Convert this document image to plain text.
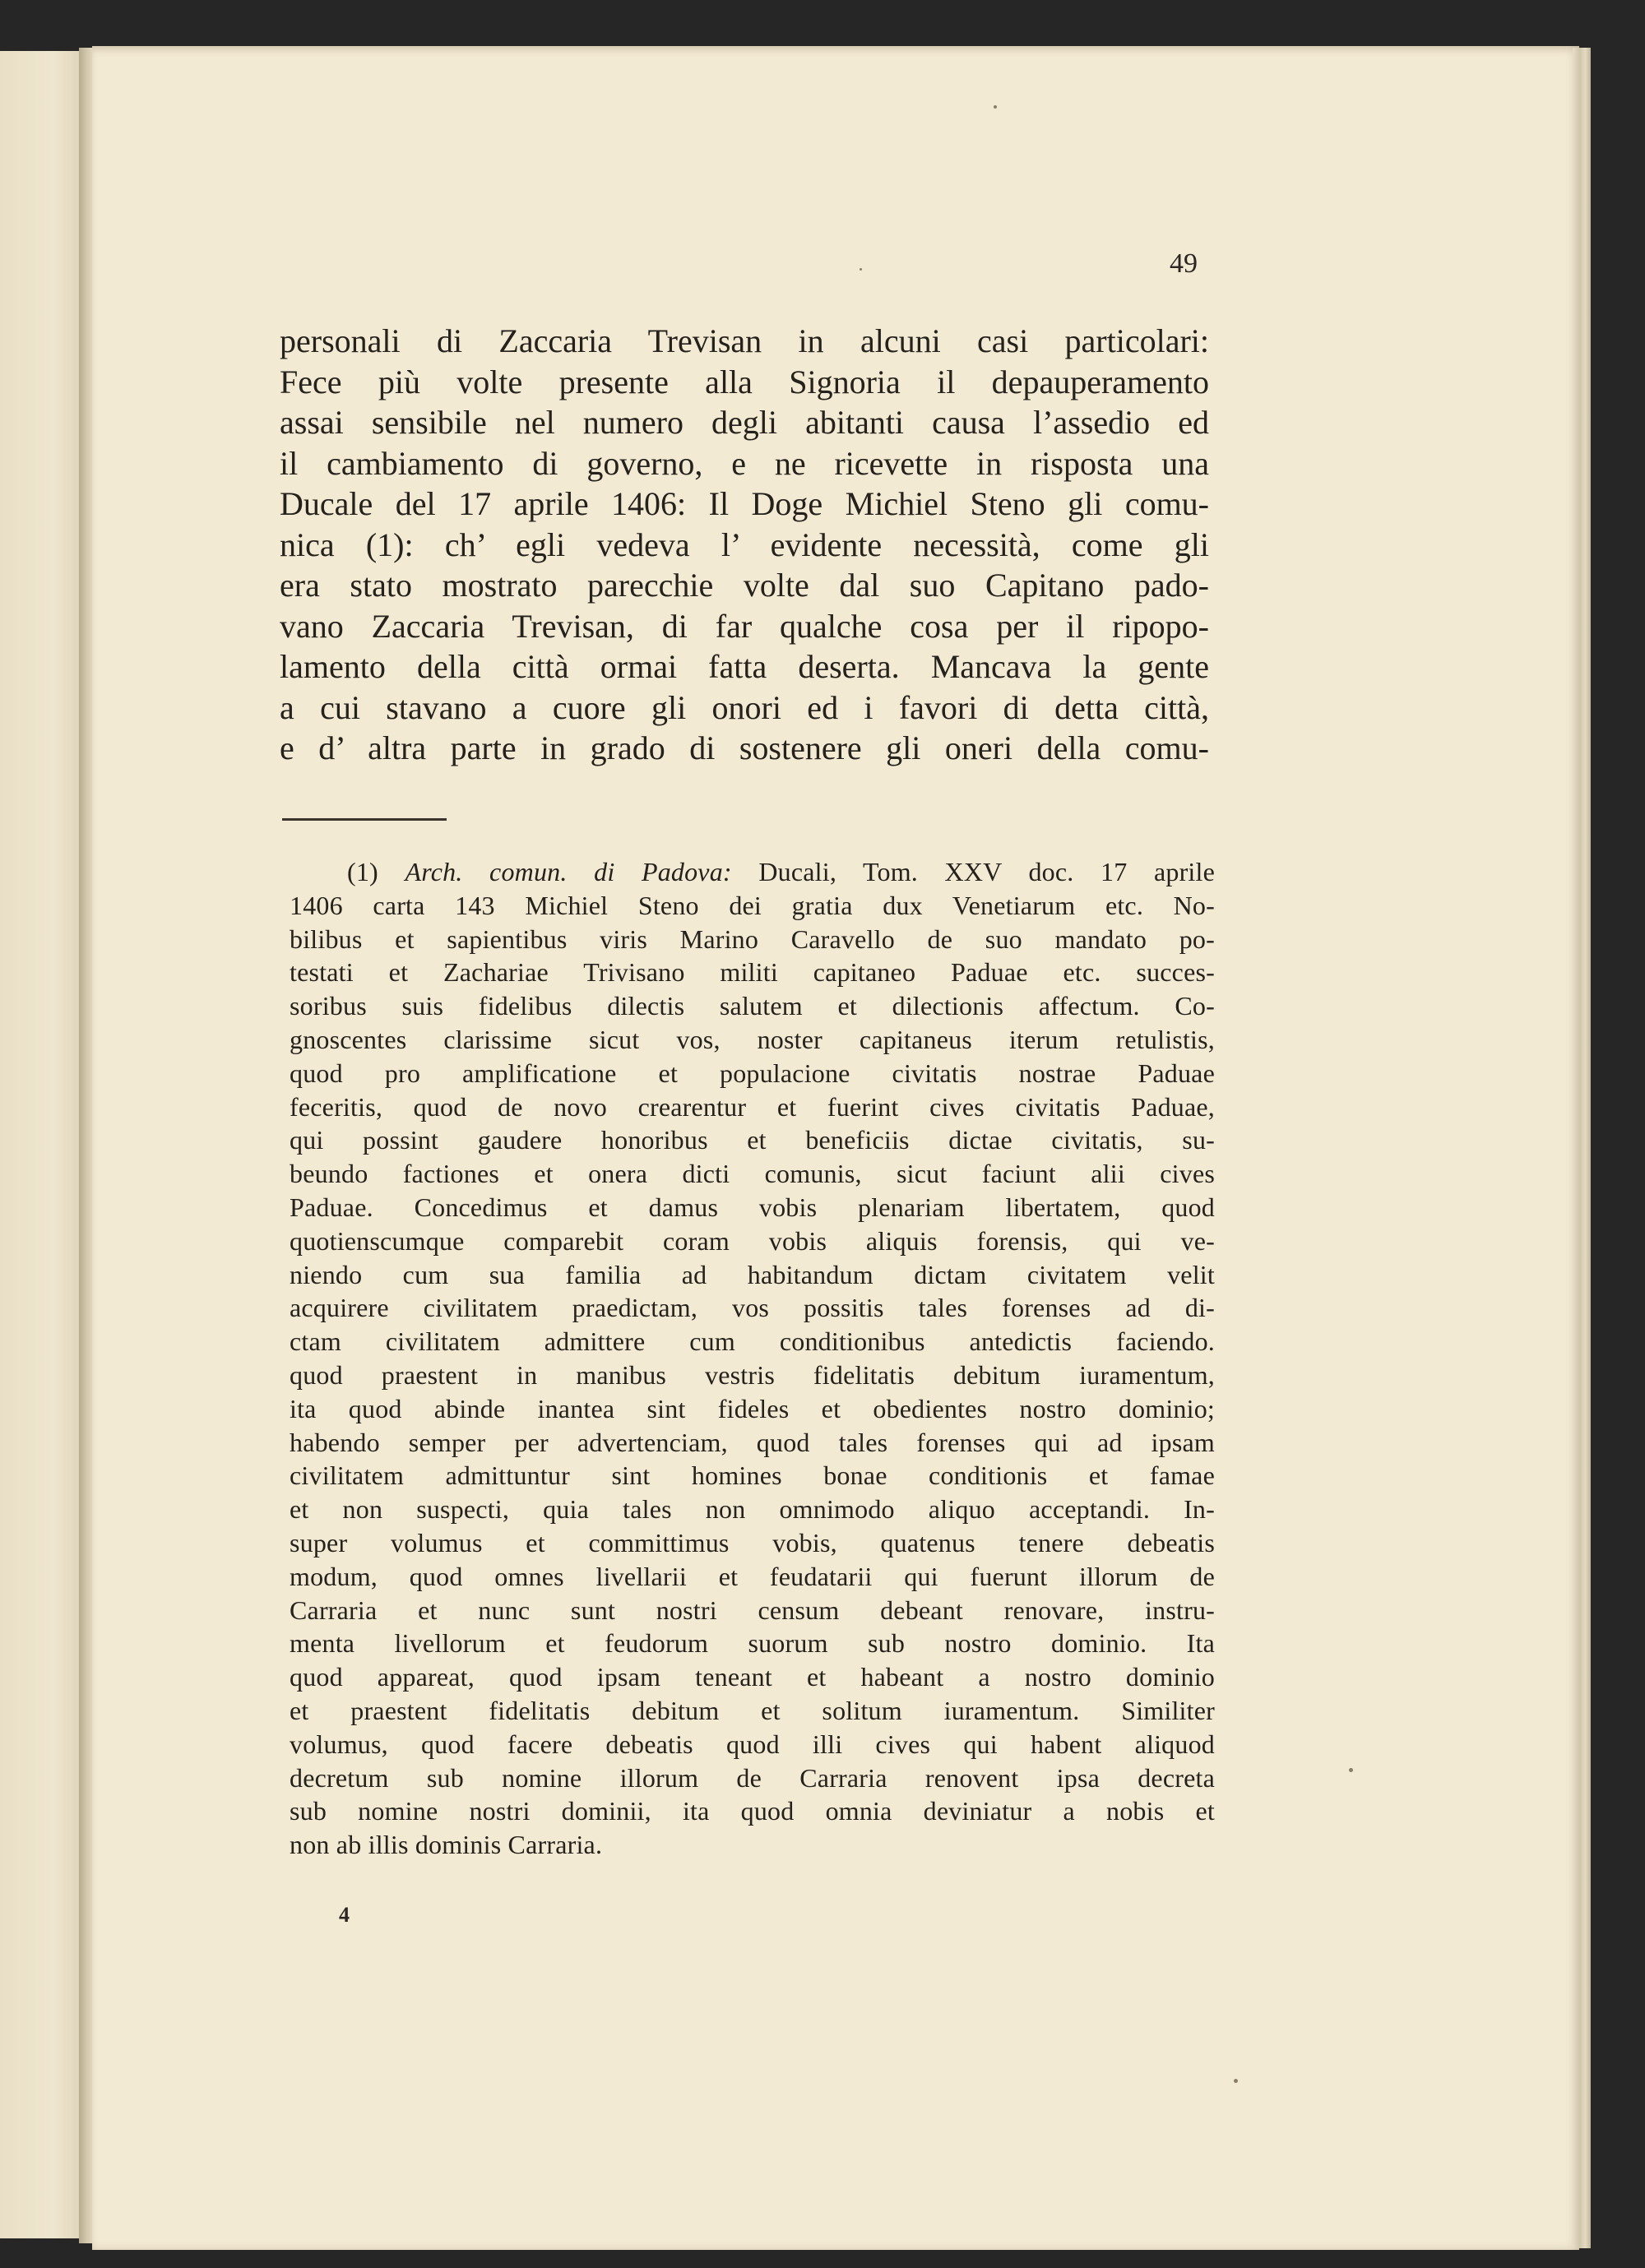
49
personali di Zaccaria Trevisan in alcuni casi particolari:
Fece più volte presente alla Signoria il depauperamento
assai sensibile nel numero degli abitanti causa l’assedio ed
il cambiamento di governo, e ne ricevette in risposta una
Ducale del 17 aprile 1406: Il Doge Michiel Steno gli comu-
nica (1): ch’ egli vedeva l’ evidente necessità, come gli
era stato mostrato parecchie volte dal suo Capitano pado-
vano Zaccaria Trevisan, di far qualche cosa per il ripopo-
lamento della città ormai fatta deserta. Mancava la gente
a cui stavano a cuore gli onori ed i favori di detta città,
e d’ altra parte in grado di sostenere gli oneri della comu-
(1) Arch. comun. di Padova: Ducali, Tom. XXV doc. 17 aprile
1406 carta 143 Michiel Steno dei gratia dux Venetiarum etc. No-
bilibus et sapientibus viris Marino Caravello de suo mandato po-
testati et Zachariae Trivisano militi capitaneo Paduae etc. succes-
soribus suis fidelibus dilectis salutem et dilectionis affectum. Co-
gnoscentes clarissime sicut vos, noster capitaneus iterum retulistis,
quod pro amplificatione et populacione civitatis nostrae Paduae
feceritis, quod de novo crearentur et fuerint cives civitatis Paduae,
qui possint gaudere honoribus et beneficiis dictae civitatis, su-
beundo factiones et onera dicti comunis, sicut faciunt alii cives
Paduae. Concedimus et damus vobis plenariam libertatem, quod
quotienscumque comparebit coram vobis aliquis forensis, qui ve-
niendo cum sua familia ad habitandum dictam civitatem velit
acquirere civilitatem praedictam, vos possitis tales forenses ad di-
ctam civilitatem admittere cum conditionibus antedictis faciendo.
quod praestent in manibus vestris fidelitatis debitum iuramentum,
ita quod abinde inantea sint fideles et obedientes nostro dominio;
habendo semper per advertenciam, quod tales forenses qui ad ipsam
civilitatem admittuntur sint homines bonae conditionis et famae
et non suspecti, quia tales non omnimodo aliquo acceptandi. In-
super volumus et committimus vobis, quatenus tenere debeatis
modum, quod omnes livellarii et feudatarii qui fuerunt illorum de
Carraria et nunc sunt nostri censum debeant renovare, instru-
menta livellorum et feudorum suorum sub nostro dominio. Ita
quod appareat, quod ipsam teneant et habeant a nostro dominio
et praestent fidelitatis debitum et solitum iuramentum. Similiter
volumus, quod facere debeatis quod illi cives qui habent aliquod
decretum sub nomine illorum de Carraria renovent ipsa decreta
sub nomine nostri dominii, ita quod omnia deviniatur a nobis et
non ab illis dominis Carraria.
4
